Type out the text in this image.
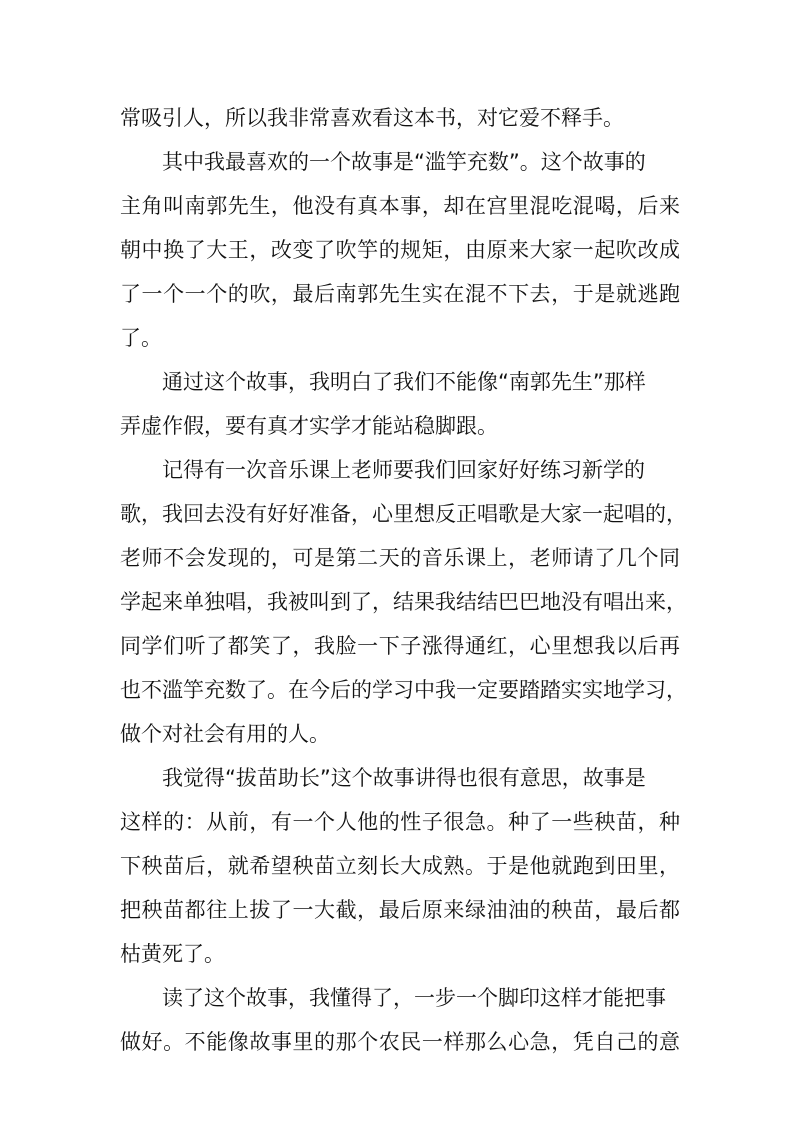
常吸引人，所以我非常喜欢看这本书，对它爱不释手。
其中我最喜欢的一个故事是“滥竽充数”。这个故事的
主角叫南郭先生，他没有真本事，却在宫里混吃混喝，后来
朝中换了大王，改变了吹竽的规矩，由原来大家一起吹改成
了一个一个的吹，最后南郭先生实在混不下去，于是就逃跑
了。
通过这个故事，我明白了我们不能像“南郭先生”那样
弄虚作假，要有真才实学才能站稳脚跟。
记得有一次音乐课上老师要我们回家好好练习新学的
歌，我回去没有好好准备，心里想反正唱歌是大家一起唱的，
老师不会发现的，可是第二天的音乐课上，老师请了几个同
学起来单独唱，我被叫到了，结果我结结巴巴地没有唱出来，
同学们听了都笑了，我脸一下子涨得通红，心里想我以后再
也不滥竽充数了。在今后的学习中我一定要踏踏实实地学习，
做个对社会有用的人。
我觉得“拔苗助长”这个故事讲得也很有意思，故事是
这样的：从前，有一个人他的性子很急。种了一些秧苗，种
下秧苗后，就希望秧苗立刻长大成熟。于是他就跑到田里，
把秧苗都往上拔了一大截，最后原来绿油油的秧苗，最后都
枯黄死了。
读了这个故事，我懂得了，一步一个脚印这样才能把事
做好。不能像故事里的那个农民一样那么心急，凭自己的意
